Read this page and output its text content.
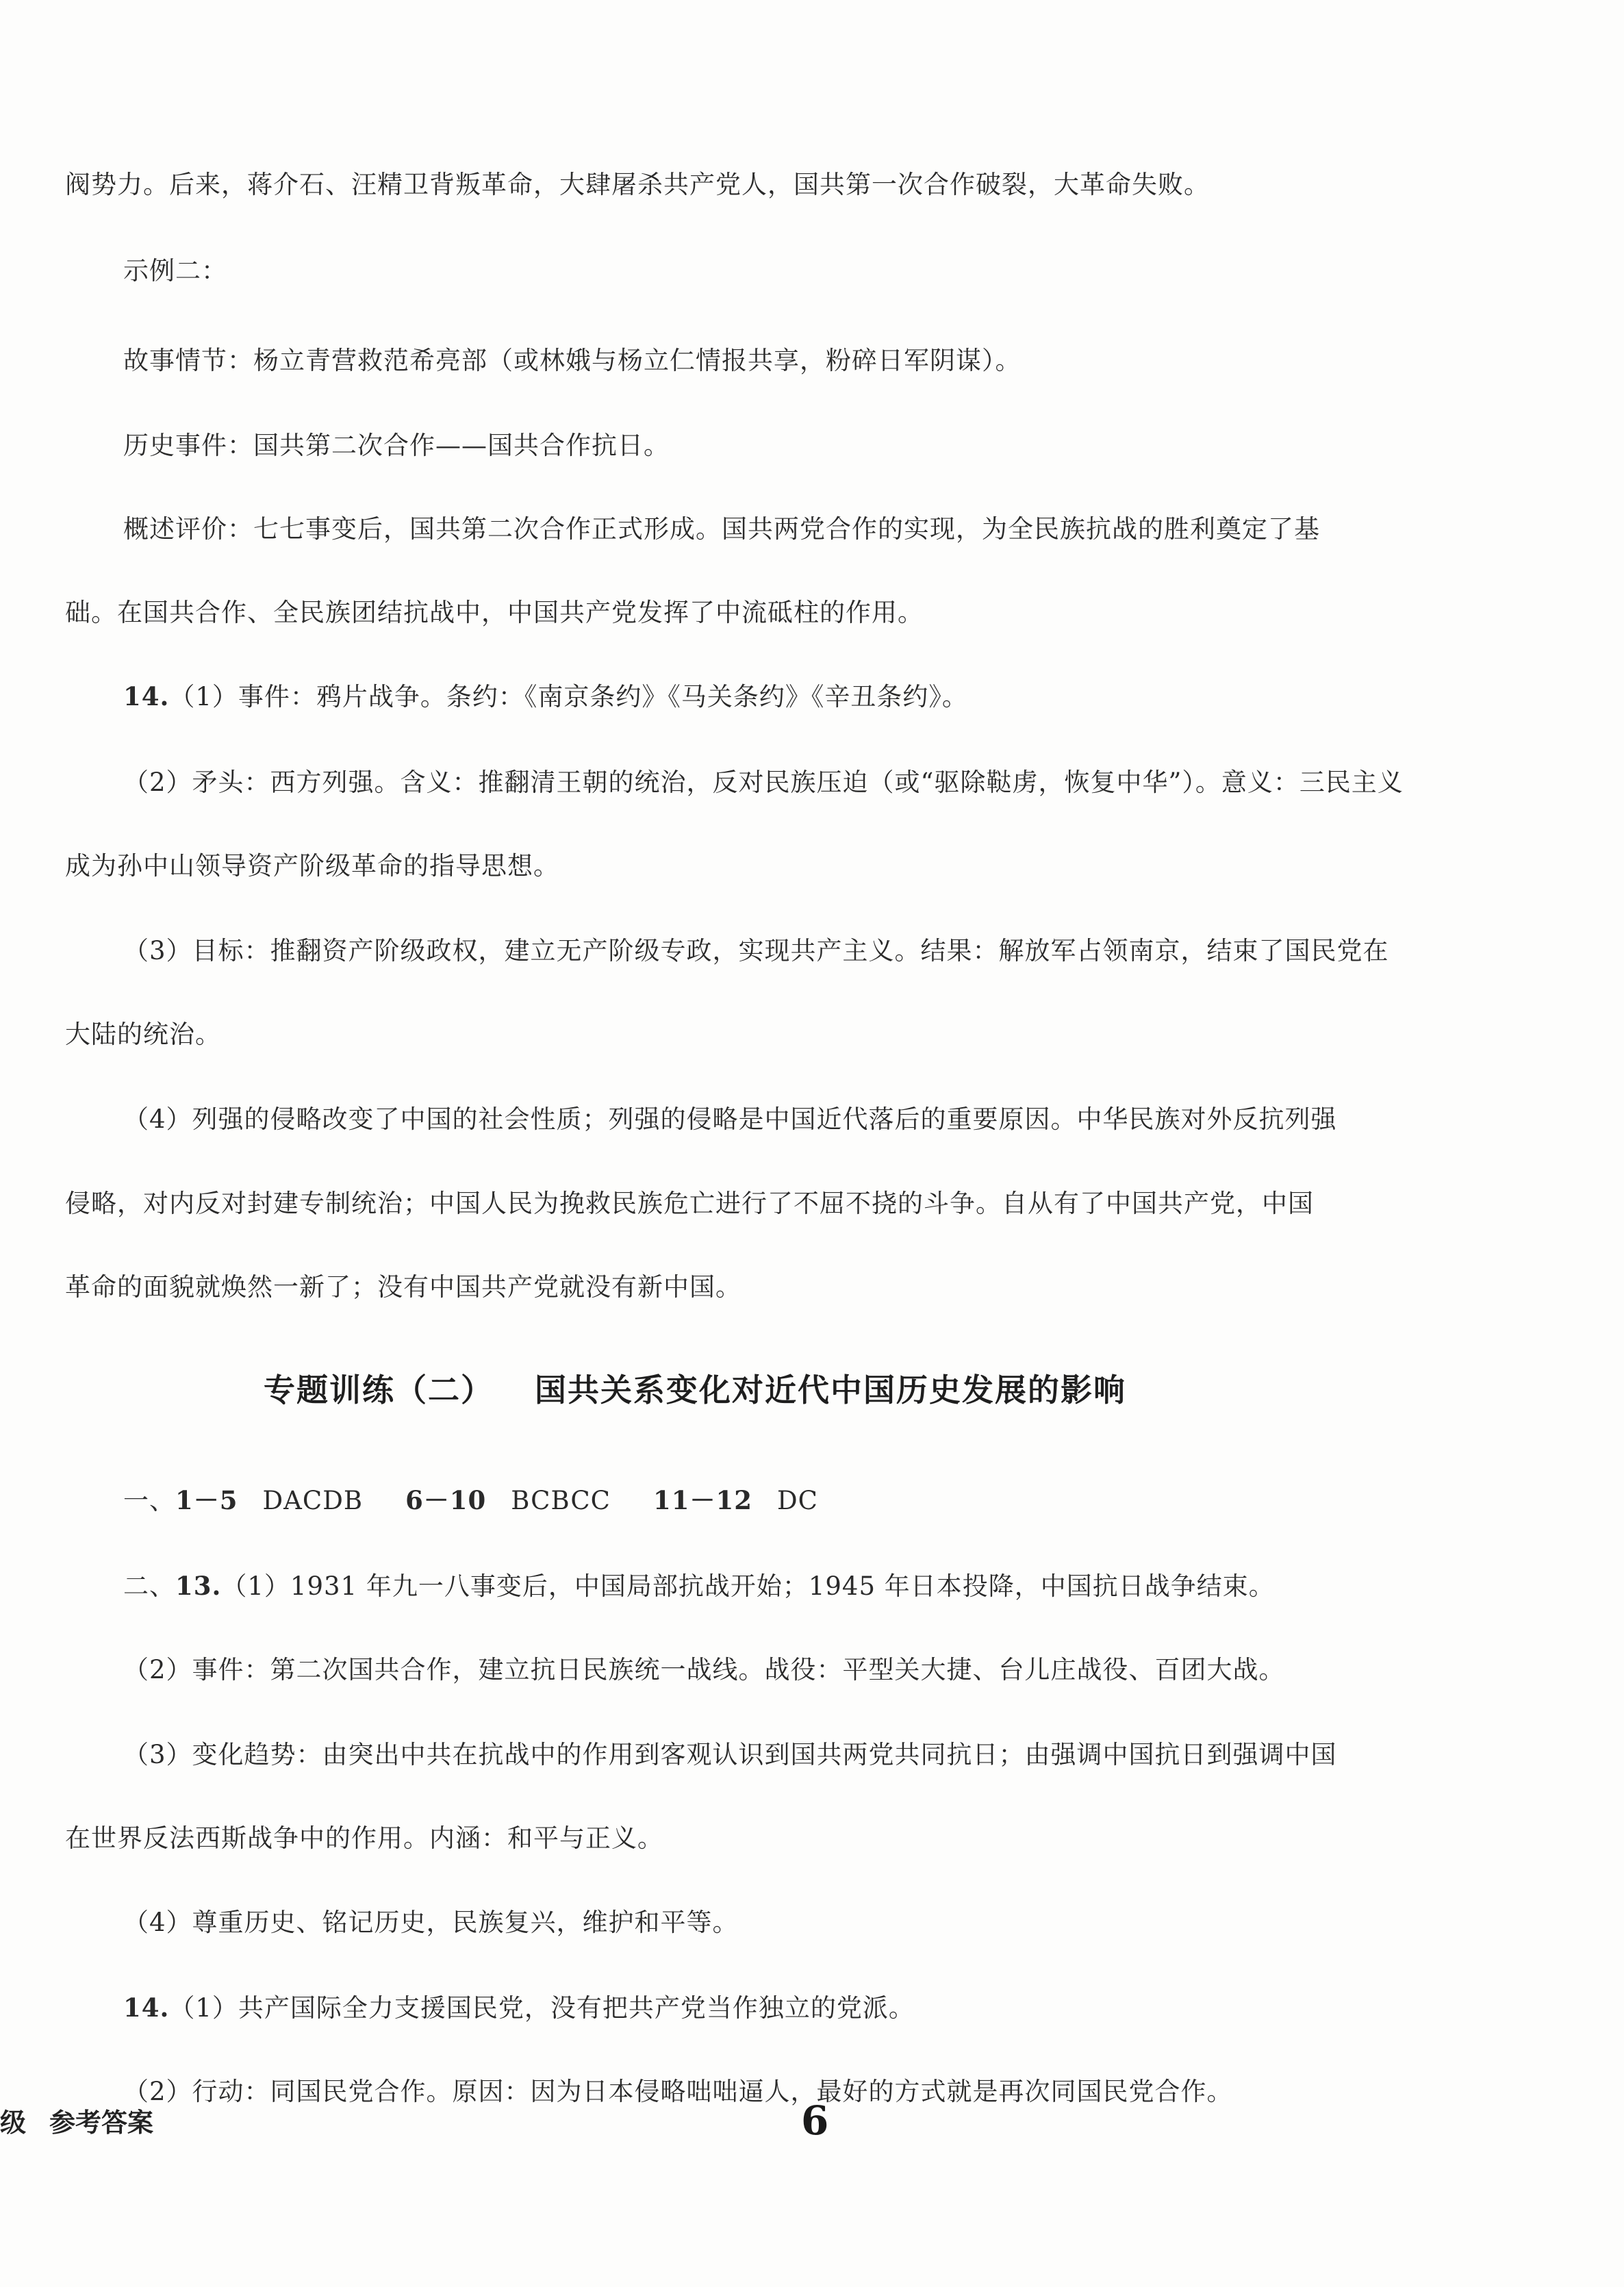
阀势力。后来，蒋介石、汪精卫背叛革命，大肆屠杀共产党人，国共第一次合作破裂，大革命失败。
示例二：
故事情节：杨立青营救范希亮部（或林娥与杨立仁情报共享，粉碎日军阴谋）。
历史事件：国共第二次合作——国共合作抗日。
概述评价：七七事变后，国共第二次合作正式形成。国共两党合作的实现，为全民族抗战的胜利奠定了基
础。在国共合作、全民族团结抗战中，中国共产党发挥了中流砥柱的作用。
14.（1）事件：鸦片战争。条约：《南京条约》《马关条约》《辛丑条约》。
（2）矛头：西方列强。含义：推翻清王朝的统治，反对民族压迫（或“驱除鞑虏，恢复中华”）。意义：三民主义
成为孙中山领导资产阶级革命的指导思想。
（3）目标：推翻资产阶级政权，建立无产阶级专政，实现共产主义。结果：解放军占领南京，结束了国民党在
大陆的统治。
（4）列强的侵略改变了中国的社会性质；列强的侵略是中国近代落后的重要原因。中华民族对外反抗列强
侵略，对内反对封建专制统治；中国人民为挽救民族危亡进行了不屈不挠的斗争。自从有了中国共产党，中国
革命的面貌就焕然一新了；没有中国共产党就没有新中国。
专题训练（二） 国共关系变化对近代中国历史发展的影响
一、1－5 DACDB 6－10 BCBCC 11－12 DC
二、13.（1）1931 年九一八事变后，中国局部抗战开始；1945 年日本投降，中国抗日战争结束。
（2）事件：第二次国共合作，建立抗日民族统一战线。战役：平型关大捷、台儿庄战役、百团大战。
（3）变化趋势：由突出中共在抗战中的作用到客观认识到国共两党共同抗日；由强调中国抗日到强调中国
在世界反法西斯战争中的作用。内涵：和平与正义。
（4）尊重历史、铭记历史，民族复兴，维护和平等。
14.（1）共产国际全力支援国民党，没有把共产党当作独立的党派。
（2）行动：同国民党合作。原因：因为日本侵略咄咄逼人，最好的方式就是再次同国民党合作。
级 参考答案	6
